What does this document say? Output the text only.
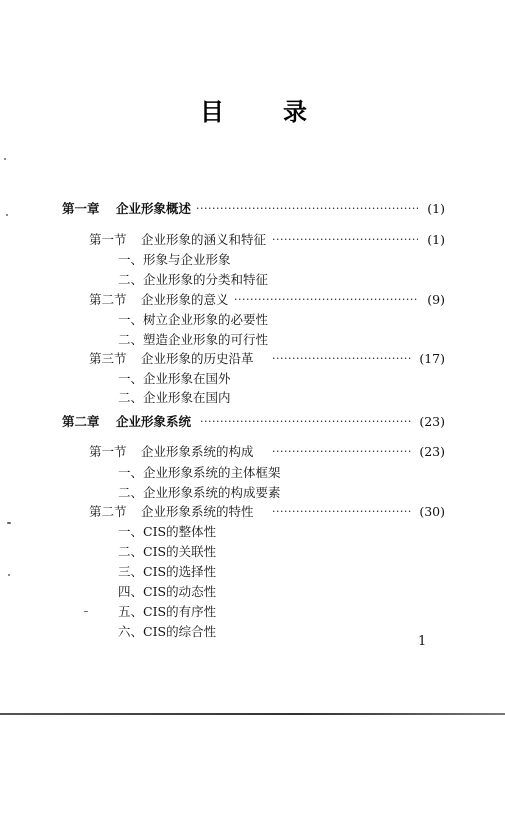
目 录
第一章 企业形象概述 ·····	(1)
第一节 企业形象的涵义和特征 ·····	(1)
一、形象与企业形象
二、企业形象的分类和特征
第二节 企业形象的意义 ·····	(9)
一、树立企业形象的必要性
二、塑造企业形象的可行性
第三节 企业形象的历史沿革 ·····	(17)
一、企业形象在国外
二、企业形象在国内
第二章 企业形象系统 ·····	(23)
第一节 企业形象系统的构成 ·····	(23)
一、企业形象系统的主体框架
二、企业形象系统的构成要素
第二节 企业形象系统的特性 ·····	(30)
一、CIS的整体性
二、CIS的关联性
三、CIS的选择性
四、CIS的动态性
五、CIS的有序性
六、CIS的综合性
1
